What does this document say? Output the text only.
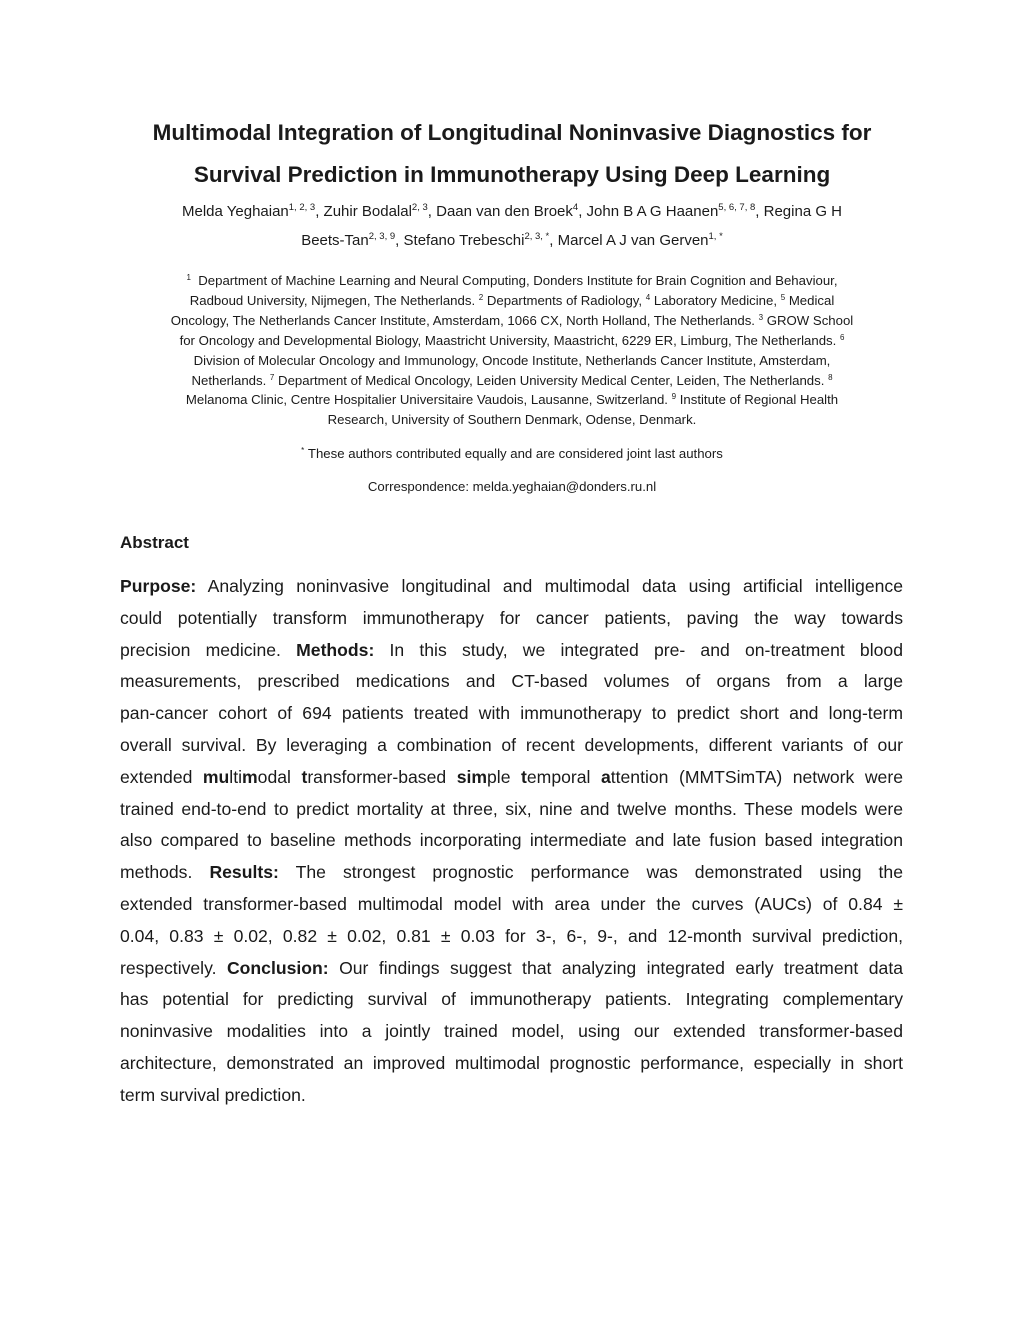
Multimodal Integration of Longitudinal Noninvasive Diagnostics for
Survival Prediction in Immunotherapy Using Deep Learning
Melda Yeghaian$^{1, 2, 3}$, Zuhir Bodalal$^{2, 3}$, Daan van den Broek$^4$, John B A G Haanen$^{5, 6, 7, 8}$, Regina G H
Beets-Tan$^{2, 3, 9}$, Stefano Trebeschi$^{2, 3, *}$, Marcel A J van Gerven$^{1, *}$
$^1$ Department of Machine Learning and Neural Computing, Donders Institute for Brain Cognition and Behaviour,
Radboud University, Nijmegen, The Netherlands. $^2$ Departments of Radiology, $^4$ Laboratory Medicine, $^5$ Medical
Oncology, The Netherlands Cancer Institute, Amsterdam, 1066 CX, North Holland, The Netherlands. $^3$ GROW School
for Oncology and Developmental Biology, Maastricht University, Maastricht, 6229 ER, Limburg, The Netherlands. $^6$
Division of Molecular Oncology and Immunology, Oncode Institute, Netherlands Cancer Institute, Amsterdam,
Netherlands. $^7$ Department of Medical Oncology, Leiden University Medical Center, Leiden, The Netherlands. $^8$
Melanoma Clinic, Centre Hospitalier Universitaire Vaudois, Lausanne, Switzerland. $^9$ Institute of Regional Health
Research, University of Southern Denmark, Odense, Denmark.
* These authors contributed equally and are considered joint last authors
Correspondence: melda.yeghaian@donders.ru.nl
Abstract
Purpose: Analyzing noninvasive longitudinal and multimodal data using artificial intelligence
could potentially transform immunotherapy for cancer patients, paving the way towards
precision medicine. Methods: In this study, we integrated pre- and on-treatment blood
measurements, prescribed medications and CT-based volumes of organs from a large
pan-cancer cohort of 694 patients treated with immunotherapy to predict short and long-term
overall survival. By leveraging a combination of recent developments, different variants of our
extended multimodal transformer-based simple temporal attention (MMTSimTA) network were
trained end-to-end to predict mortality at three, six, nine and twelve months. These models were
also compared to baseline methods incorporating intermediate and late fusion based integration
methods. Results: The strongest prognostic performance was demonstrated using the
extended transformer-based multimodal model with area under the curves (AUCs) of 0.84 ±
0.04, 0.83 ± 0.02, 0.82 ± 0.02, 0.81 ± 0.03 for 3-, 6-, 9-, and 12-month survival prediction,
respectively. Conclusion: Our findings suggest that analyzing integrated early treatment data
has potential for predicting survival of immunotherapy patients. Integrating complementary
noninvasive modalities into a jointly trained model, using our extended transformer-based
architecture, demonstrated an improved multimodal prognostic performance, especially in short
term survival prediction.
